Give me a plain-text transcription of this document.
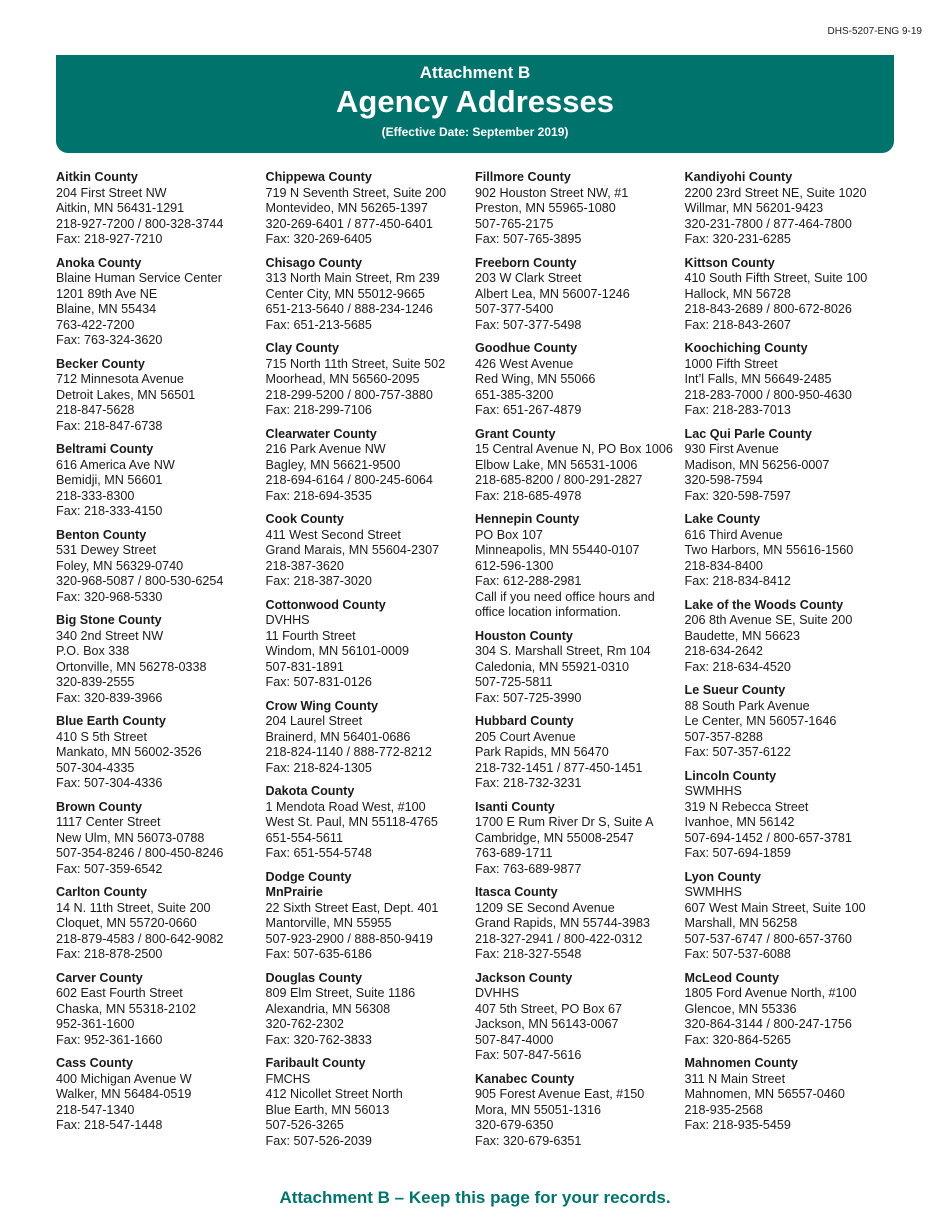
DHS-5207-ENG 9-19
Attachment B
Agency Addresses
(Effective Date: September 2019)
Aitkin County
204 First Street NW
Aitkin, MN 56431-1291
218-927-7200 / 800-328-3744
Fax: 218-927-7210
Anoka County
Blaine Human Service Center
1201 89th Ave NE
Blaine, MN 55434
763-422-7200
Fax: 763-324-3620
Becker County
712 Minnesota Avenue
Detroit Lakes, MN 56501
218-847-5628
Fax: 218-847-6738
Beltrami County
616 America Ave NW
Bemidji, MN 56601
218-333-8300
Fax: 218-333-4150
Benton County
531 Dewey Street
Foley, MN 56329-0740
320-968-5087 / 800-530-6254
Fax: 320-968-5330
Big Stone County
340 2nd Street NW
P.O. Box 338
Ortonville, MN 56278-0338
320-839-2555
Fax: 320-839-3966
Blue Earth County
410 S 5th Street
Mankato, MN 56002-3526
507-304-4335
Fax: 507-304-4336
Brown County
1117 Center Street
New Ulm, MN 56073-0788
507-354-8246 / 800-450-8246
Fax: 507-359-6542
Carlton County
14 N. 11th Street, Suite 200
Cloquet, MN 55720-0660
218-879-4583 / 800-642-9082
Fax: 218-878-2500
Carver County
602 East Fourth Street
Chaska, MN 55318-2102
952-361-1600
Fax: 952-361-1660
Cass County
400 Michigan Avenue W
Walker, MN 56484-0519
218-547-1340
Fax: 218-547-1448
Chippewa County
719 N Seventh Street, Suite 200
Montevideo, MN 56265-1397
320-269-6401 / 877-450-6401
Fax: 320-269-6405
Chisago County
313 North Main Street, Rm 239
Center City, MN 55012-9665
651-213-5640 / 888-234-1246
Fax: 651-213-5685
Clay County
715 North 11th Street, Suite 502
Moorhead, MN 56560-2095
218-299-5200 / 800-757-3880
Fax: 218-299-7106
Clearwater County
216 Park Avenue NW
Bagley, MN 56621-9500
218-694-6164 / 800-245-6064
Fax: 218-694-3535
Cook County
411 West Second Street
Grand Marais, MN 55604-2307
218-387-3620
Fax: 218-387-3020
Cottonwood County
DVHHS
11 Fourth Street
Windom, MN 56101-0009
507-831-1891
Fax: 507-831-0126
Crow Wing County
204 Laurel Street
Brainerd, MN 56401-0686
218-824-1140 / 888-772-8212
Fax: 218-824-1305
Dakota County
1 Mendota Road West, #100
West St. Paul, MN 55118-4765
651-554-5611
Fax: 651-554-5748
Dodge County
MnPrairie
22 Sixth Street East, Dept. 401
Mantorville, MN 55955
507-923-2900 / 888-850-9419
Fax: 507-635-6186
Douglas County
809 Elm Street, Suite 1186
Alexandria, MN 56308
320-762-2302
Fax: 320-762-3833
Faribault County
FMCHS
412 Nicollet Street North
Blue Earth, MN 56013
507-526-3265
Fax: 507-526-2039
Fillmore County
902 Houston Street NW, #1
Preston, MN 55965-1080
507-765-2175
Fax: 507-765-3895
Freeborn County
203 W Clark Street
Albert Lea, MN 56007-1246
507-377-5400
Fax: 507-377-5498
Goodhue County
426 West Avenue
Red Wing, MN 55066
651-385-3200
Fax: 651-267-4879
Grant County
15 Central Avenue N, PO Box 1006
Elbow Lake, MN 56531-1006
218-685-8200 / 800-291-2827
Fax: 218-685-4978
Hennepin County
PO Box 107
Minneapolis, MN 55440-0107
612-596-1300
Fax: 612-288-2981
Call if you need office hours and
office location information.
Houston County
304 S. Marshall Street, Rm 104
Caledonia, MN 55921-0310
507-725-5811
Fax: 507-725-3990
Hubbard County
205 Court Avenue
Park Rapids, MN 56470
218-732-1451 / 877-450-1451
Fax: 218-732-3231
Isanti County
1700 E Rum River Dr S, Suite A
Cambridge, MN 55008-2547
763-689-1711
Fax: 763-689-9877
Itasca County
1209 SE Second Avenue
Grand Rapids, MN 55744-3983
218-327-2941 / 800-422-0312
Fax: 218-327-5548
Jackson County
DVHHS
407 5th Street, PO Box 67
Jackson, MN 56143-0067
507-847-4000
Fax: 507-847-5616
Kanabec County
905 Forest Avenue East, #150
Mora, MN 55051-1316
320-679-6350
Fax: 320-679-6351
Kandiyohi County
2200 23rd Street NE, Suite 1020
Willmar, MN 56201-9423
320-231-7800 / 877-464-7800
Fax: 320-231-6285
Kittson County
410 South Fifth Street, Suite 100
Hallock, MN 56728
218-843-2689 / 800-672-8026
Fax: 218-843-2607
Koochiching County
1000 Fifth Street
Int’l Falls, MN 56649-2485
218-283-7000 / 800-950-4630
Fax: 218-283-7013
Lac Qui Parle County
930 First Avenue
Madison, MN 56256-0007
320-598-7594
Fax: 320-598-7597
Lake County
616 Third Avenue
Two Harbors, MN 55616-1560
218-834-8400
Fax: 218-834-8412
Lake of the Woods County
206 8th Avenue SE, Suite 200
Baudette, MN 56623
218-634-2642
Fax: 218-634-4520
Le Sueur County
88 South Park Avenue
Le Center, MN 56057-1646
507-357-8288
Fax: 507-357-6122
Lincoln County
SWMHHS
319 N Rebecca Street
Ivanhoe, MN 56142
507-694-1452 / 800-657-3781
Fax: 507-694-1859
Lyon County
SWMHHS
607 West Main Street, Suite 100
Marshall, MN 56258
507-537-6747 / 800-657-3760
Fax: 507-537-6088
McLeod County
1805 Ford Avenue North, #100
Glencoe, MN 55336
320-864-3144 / 800-247-1756
Fax: 320-864-5265
Mahnomen County
311 N Main Street
Mahnomen, MN 56557-0460
218-935-2568
Fax: 218-935-5459
Attachment B – Keep this page for your records.
